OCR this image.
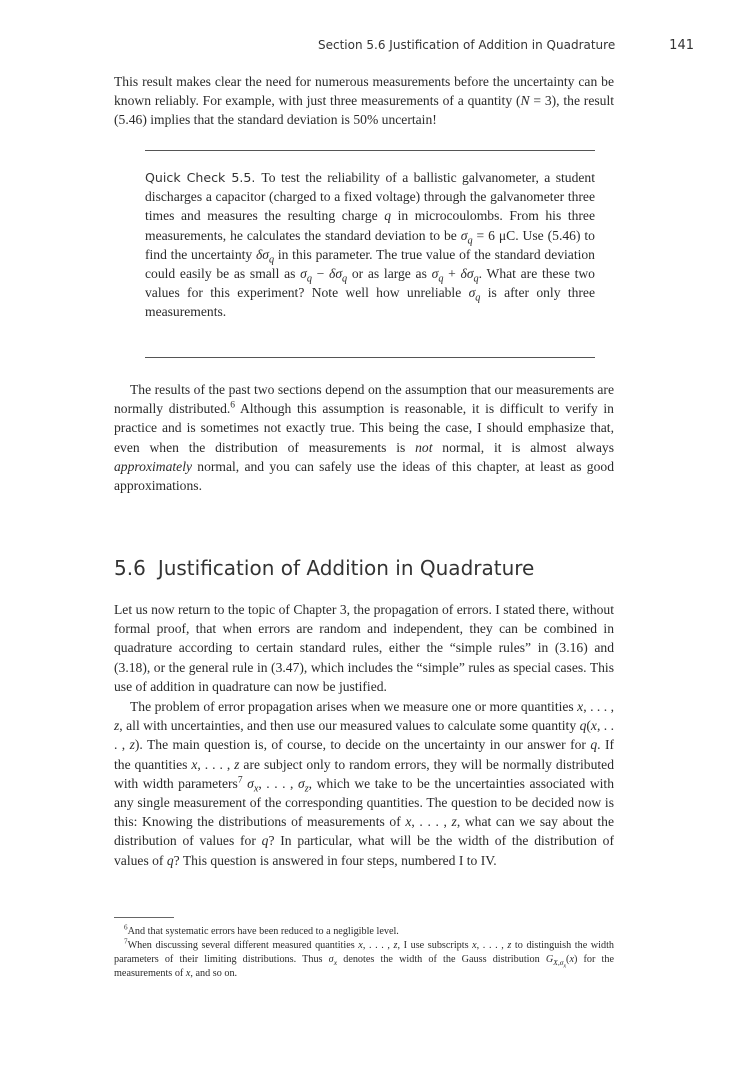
Section 5.6 Justification of Addition in Quadrature	141

This result makes clear the need for numerous measurements before the uncertainty can be known reliably. For example, with just three measurements of a quantity (N = 3), the result (5.46) implies that the standard deviation is 50% uncertain!

Quick Check 5.5. To test the reliability of a ballistic galvanometer, a student discharges a capacitor (charged to a fixed voltage) through the galvanometer three times and measures the resulting charge q in microcoulombs. From his three measurements, he calculates the standard deviation to be $\sigma_q = 6$ μC. Use (5.46) to find the uncertainty $\delta\sigma_q$ in this parameter. The true value of the standard deviation could easily be as small as $\sigma_q - \delta\sigma_q$ or as large as $\sigma_q + \delta\sigma_q$. What are these two values for this experiment? Note well how unreliable $\sigma_q$ is after only three measurements.

The results of the past two sections depend on the assumption that our measurements are normally distributed.$^6$ Although this assumption is reasonable, it is difficult to verify in practice and is sometimes not exactly true. This being the case, I should emphasize that, even when the distribution of measurements is not normal, it is almost always approximately normal, and you can safely use the ideas of this chapter, at least as good approximations.

5.6 Justification of Addition in Quadrature

Let us now return to the topic of Chapter 3, the propagation of errors. I stated there, without formal proof, that when errors are random and independent, they can be combined in quadrature according to certain standard rules, either the “simple rules” in (3.16) and (3.18), or the general rule in (3.47), which includes the “simple” rules as special cases. This use of addition in quadrature can now be justified.

The problem of error propagation arises when we measure one or more quantities x, . . . , z, all with uncertainties, and then use our measured values to calculate some quantity q(x, . . . , z). The main question is, of course, to decide on the uncertainty in our answer for q. If the quantities x, . . . , z are subject only to random errors, they will be normally distributed with width parameters$^7$ $\sigma_x$, . . . , $\sigma_z$, which we take to be the uncertainties associated with any single measurement of the corresponding quantities. The question to be decided now is this: Knowing the distributions of measurements of x, . . . , z, what can we say about the distribution of values for q? In particular, what will be the width of the distribution of values of q? This question is answered in four steps, numbered I to IV.

$^6$And that systematic errors have been reduced to a negligible level.

$^7$When discussing several different measured quantities x, . . . , z, I use subscripts x, . . . , z to distinguish the width parameters of their limiting distributions. Thus $\sigma_x$ denotes the width of the Gauss distribution $G_{X,\sigma_x}(x)$ for the measurements of x, and so on.
